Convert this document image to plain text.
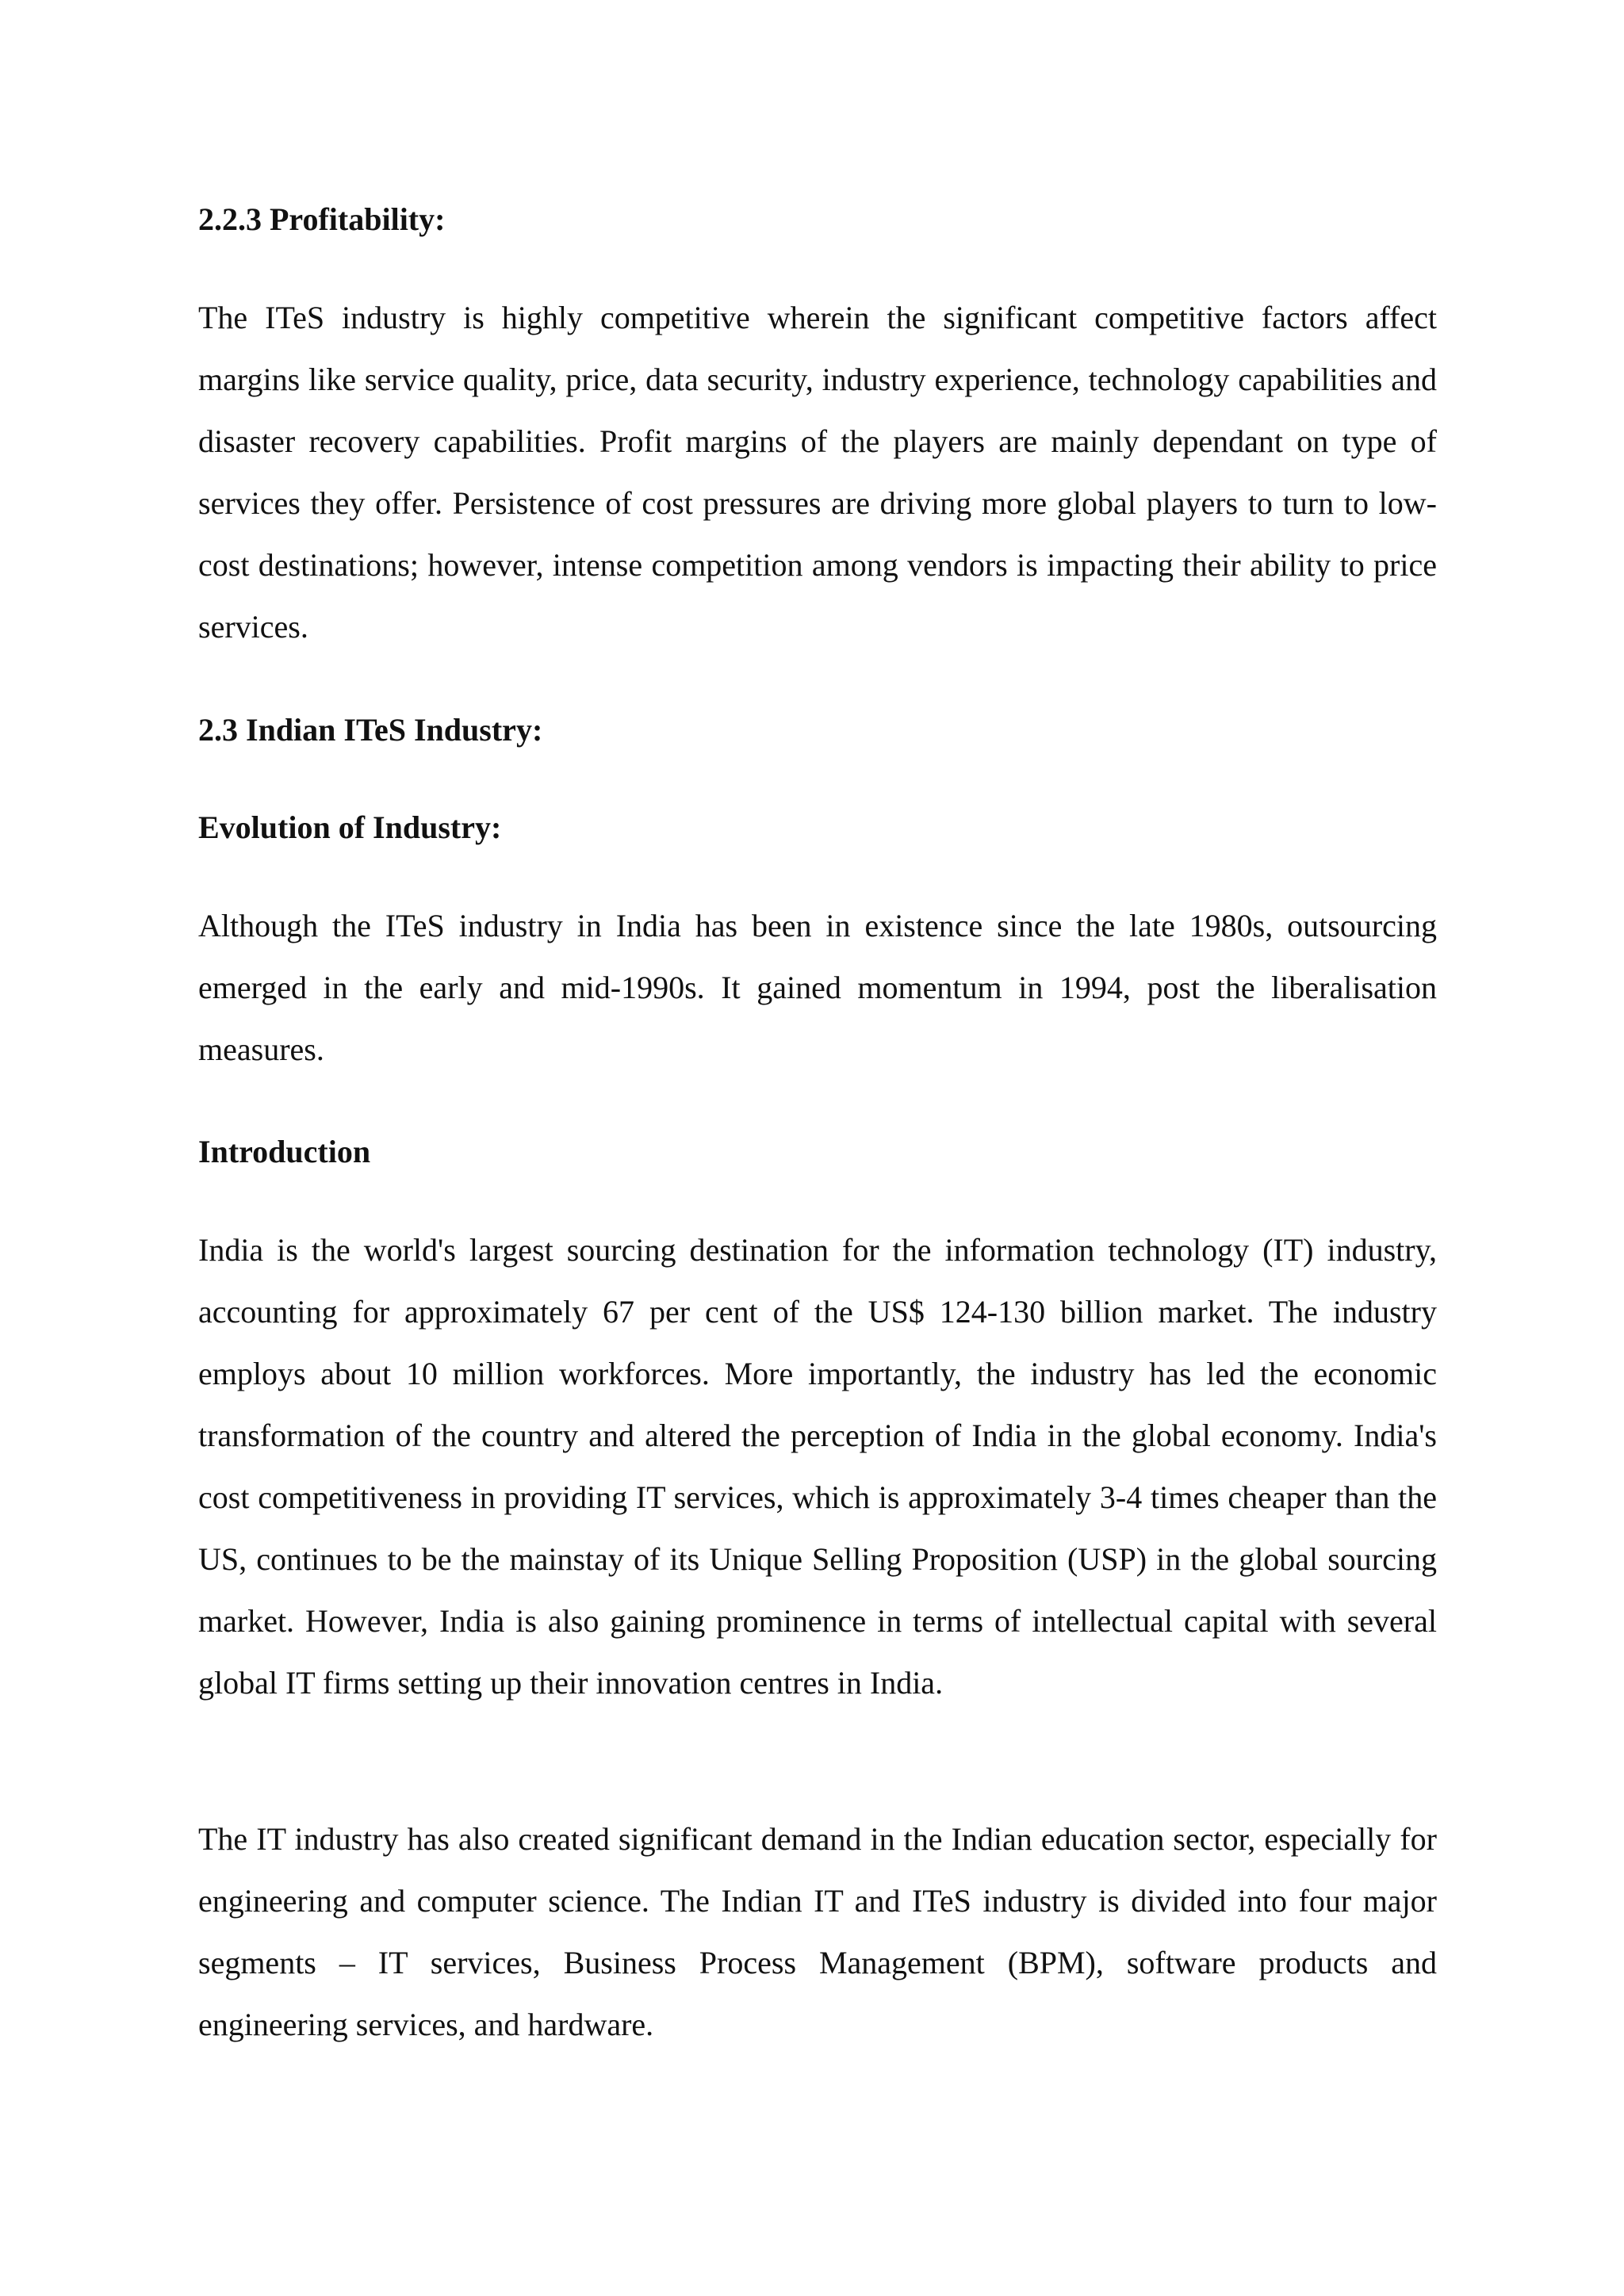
2.2.3 Profitability:

The ITeS industry is highly competitive wherein the significant competitive factors affect margins like service quality, price, data security, industry experience, technology capabilities and disaster recovery capabilities. Profit margins of the players are mainly dependant on type of services they offer. Persistence of cost pressures are driving more global players to turn to low-cost destinations; however, intense competition among vendors is impacting their ability to price services.

2.3 Indian ITeS Industry:
Evolution of Industry:

Although the ITeS industry in India has been in existence since the late 1980s, outsourcing emerged in the early and mid-1990s. It gained momentum in 1994, post the liberalisation measures.

Introduction

India is the world's largest sourcing destination for the information technology (IT) industry, accounting for approximately 67 per cent of the US$ 124-130 billion market. The industry employs about 10 million workforces. More importantly, the industry has led the economic transformation of the country and altered the perception of India in the global economy. India's cost competitiveness in providing IT services, which is approximately 3-4 times cheaper than the US, continues to be the mainstay of its Unique Selling Proposition (USP) in the global sourcing market. However, India is also gaining prominence in terms of intellectual capital with several global IT firms setting up their innovation centres in India.

The IT industry has also created significant demand in the Indian education sector, especially for engineering and computer science. The Indian IT and ITeS industry is divided into four major segments – IT services, Business Process Management (BPM), software products and engineering services, and hardware.
